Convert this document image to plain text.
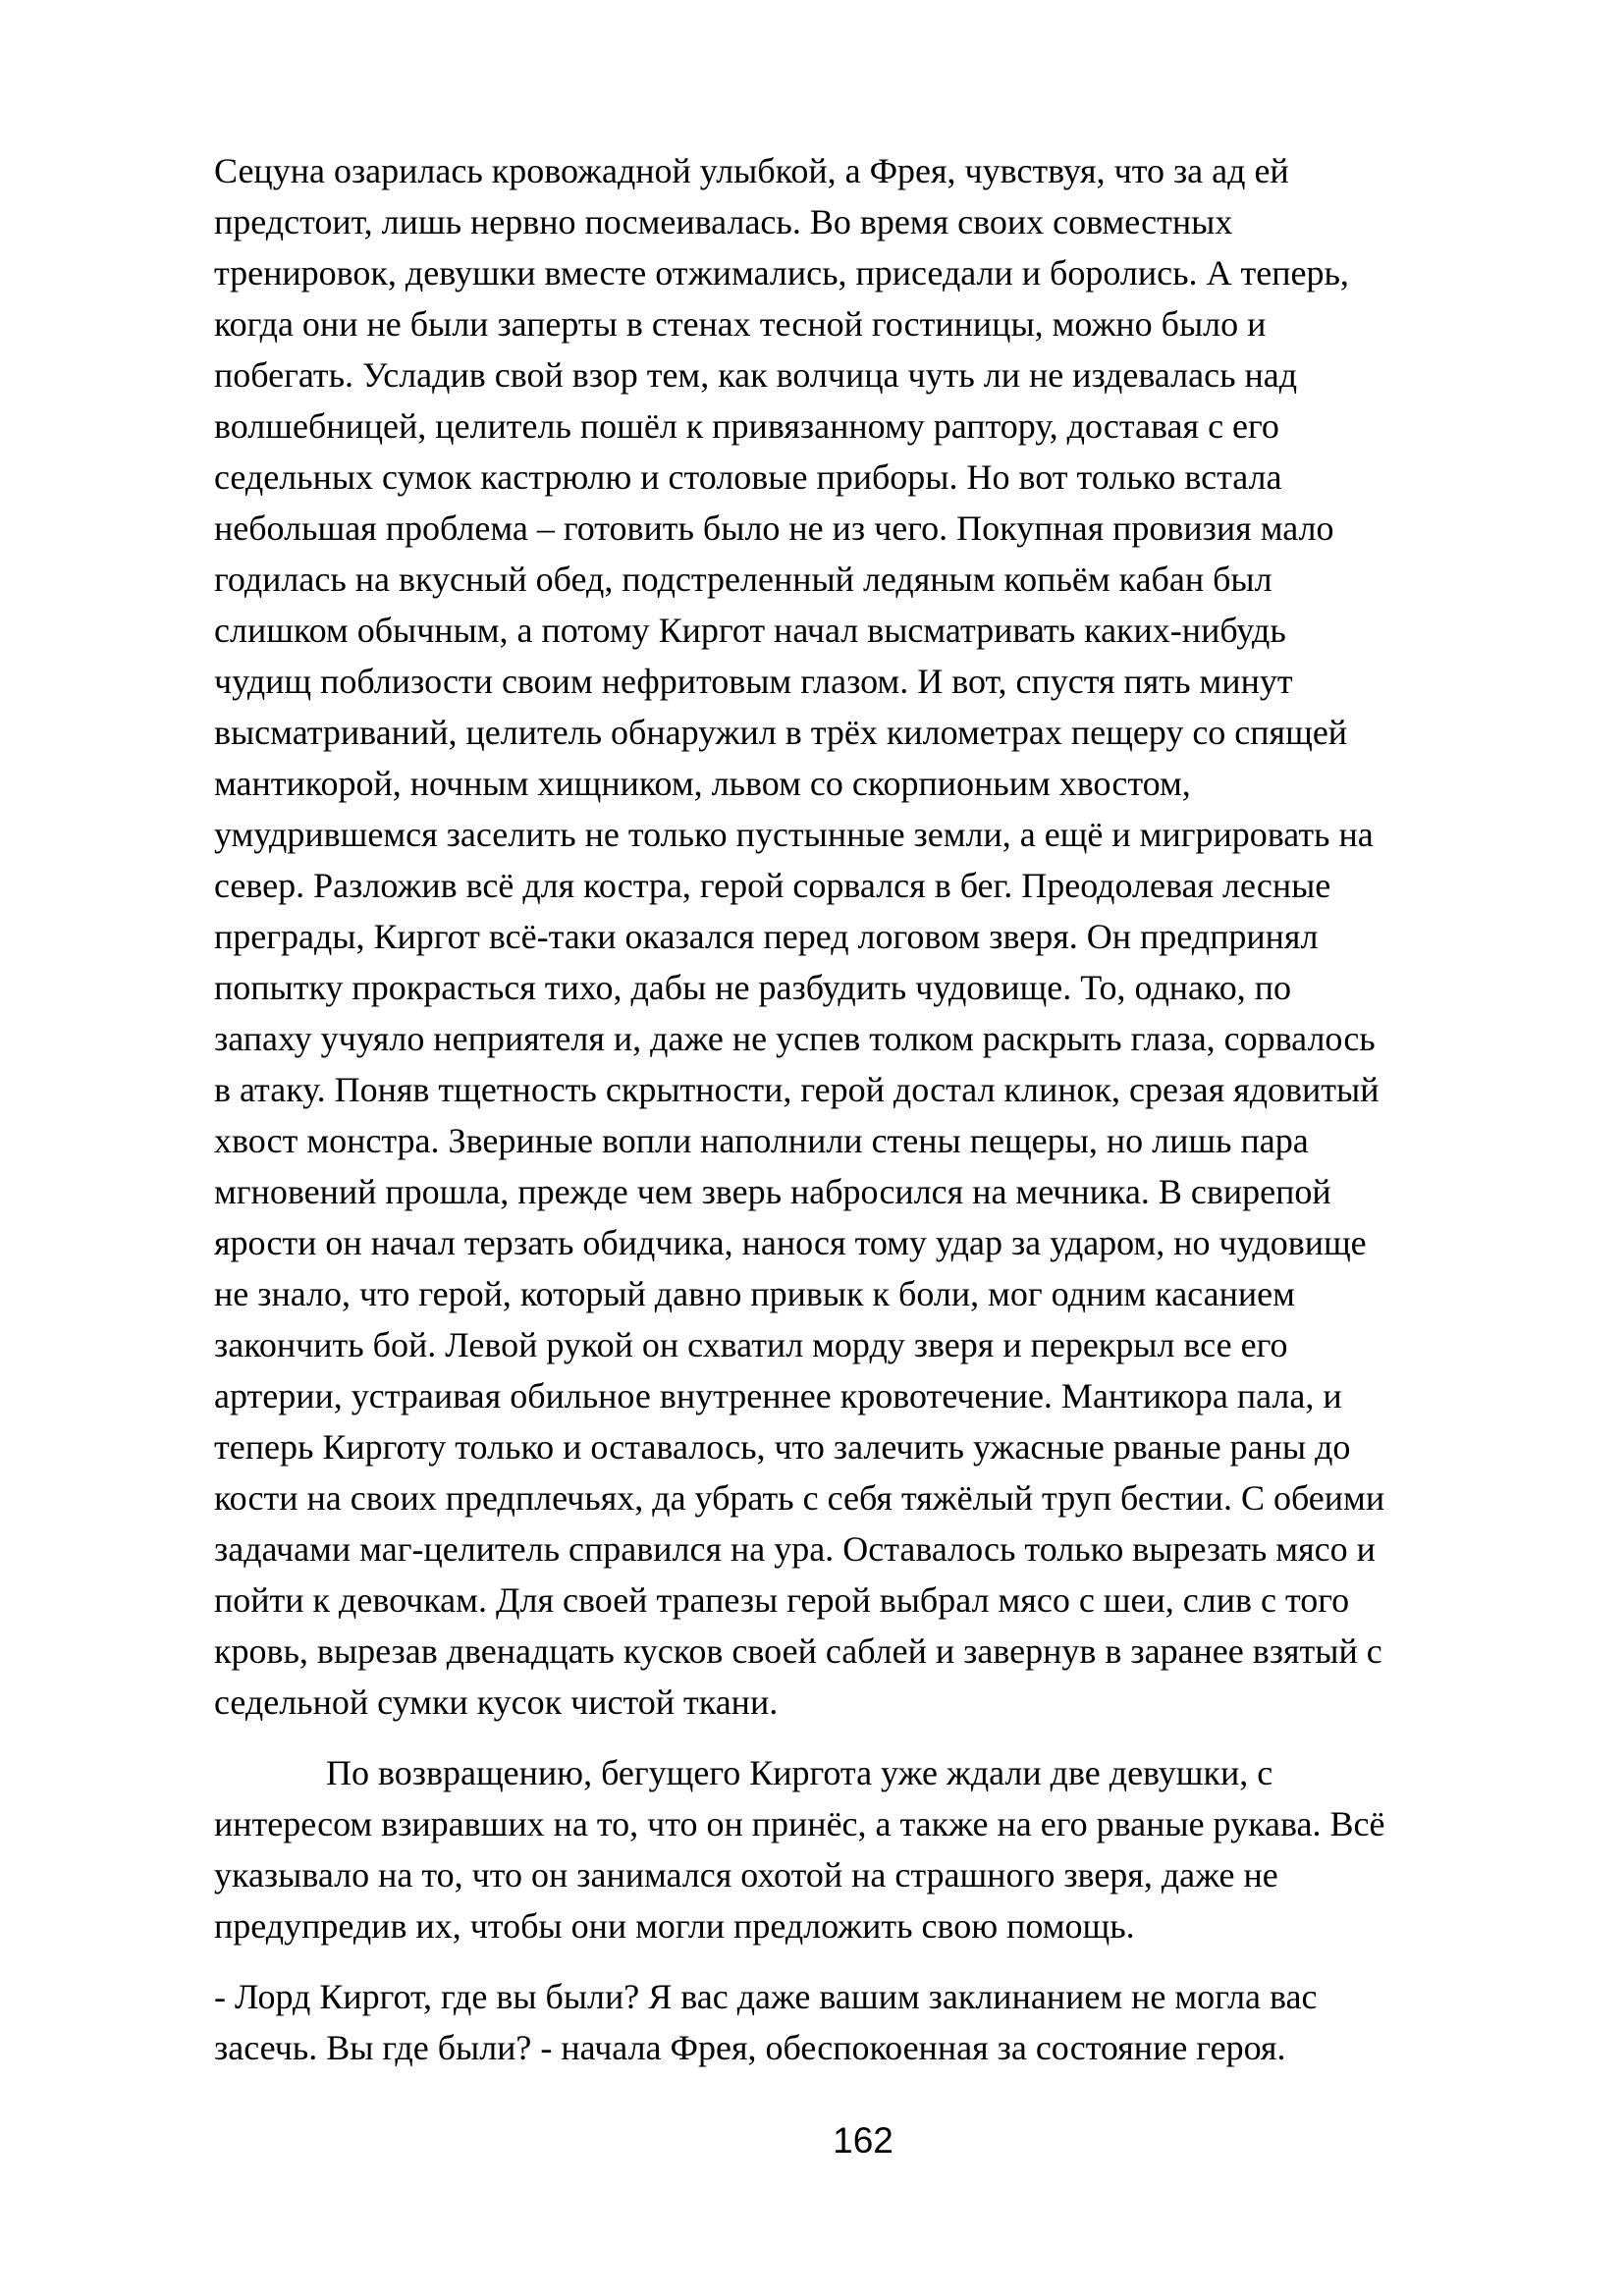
Сецуна озарилась кровожадной улыбкой, а Фрея, чувствуя, что за ад ей
предстоит, лишь нервно посмеивалась. Во время своих совместных
тренировок, девушки вместе отжимались, приседали и боролись. А теперь,
когда они не были заперты в стенах тесной гостиницы, можно было и
побегать. Усладив свой взор тем, как волчица чуть ли не издевалась над
волшебницей, целитель пошёл к привязанному раптору, доставая с его
седельных сумок кастрюлю и столовые приборы. Но вот только встала
небольшая проблема – готовить было не из чего. Покупная провизия мало
годилась на вкусный обед, подстреленный ледяным копьём кабан был
слишком обычным, а потому Киргот начал высматривать каких-нибудь
чудищ поблизости своим нефритовым глазом. И вот, спустя пять минут
высматриваний, целитель обнаружил в трёх километрах пещеру со спящей
мантикорой, ночным хищником, львом со скорпионьим хвостом,
умудрившемся заселить не только пустынные земли, а ещё и мигрировать на
север. Разложив всё для костра, герой сорвался в бег. Преодолевая лесные
преграды, Киргот всё-таки оказался перед логовом зверя. Он предпринял
попытку прокрасться тихо, дабы не разбудить чудовище. То, однако, по
запаху учуяло неприятеля и, даже не успев толком раскрыть глаза, сорвалось
в атаку. Поняв тщетность скрытности, герой достал клинок, срезая ядовитый
хвост монстра. Звериные вопли наполнили стены пещеры, но лишь пара
мгновений прошла, прежде чем зверь набросился на мечника. В свирепой
ярости он начал терзать обидчика, нанося тому удар за ударом, но чудовище
не знало, что герой, который давно привык к боли, мог одним касанием
закончить бой. Левой рукой он схватил морду зверя и перекрыл все его
артерии, устраивая обильное внутреннее кровотечение. Мантикора пала, и
теперь Кирготу только и оставалось, что залечить ужасные рваные раны до
кости на своих предплечьях, да убрать с себя тяжёлый труп бестии. С обеими
задачами маг-целитель справился на ура. Оставалось только вырезать мясо и
пойти к девочкам. Для своей трапезы герой выбрал мясо с шеи, слив с того
кровь, вырезав двенадцать кусков своей саблей и завернув в заранее взятый с
седельной сумки кусок чистой ткани.
По возвращению, бегущего Киргота уже ждали две девушки, с
интересом взиравших на то, что он принёс, а также на его рваные рукава. Всё
указывало на то, что он занимался охотой на страшного зверя, даже не
предупредив их, чтобы они могли предложить свою помощь.
- Лорд Киргот, где вы были? Я вас даже вашим заклинанием не могла вас
засечь. Вы где были? - начала Фрея, обеспокоенная за состояние героя.
162
